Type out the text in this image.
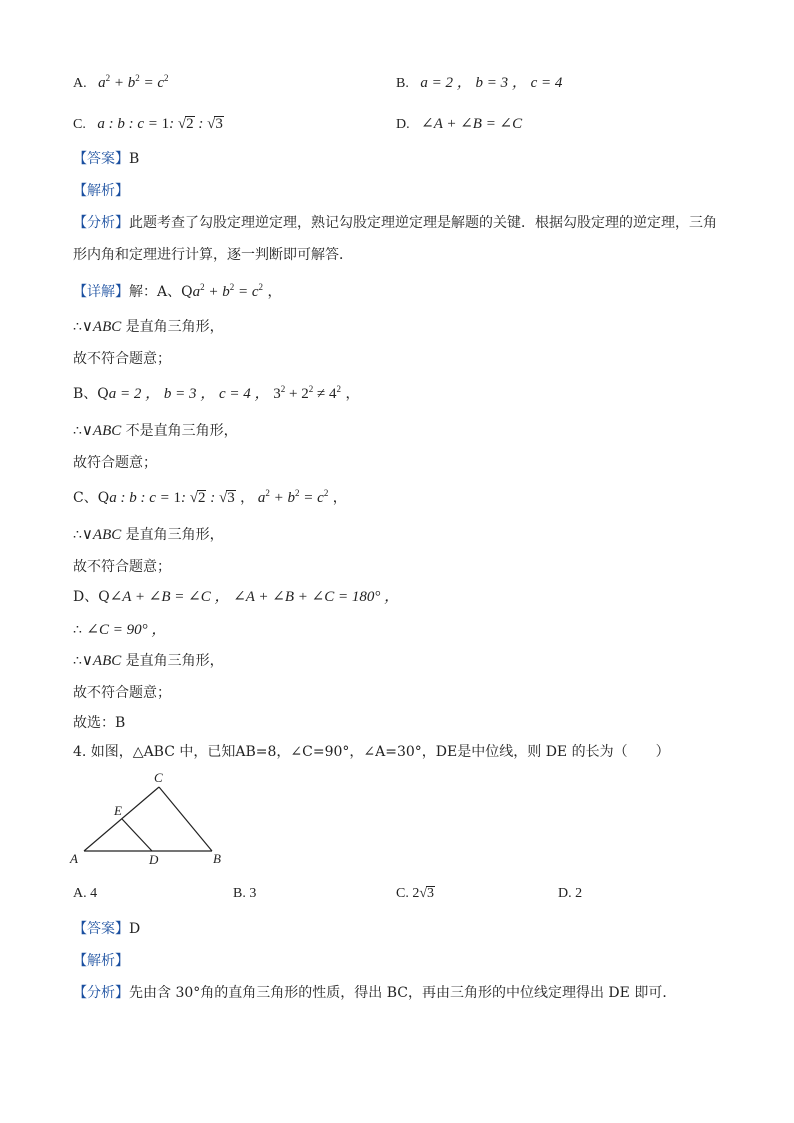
A. $a^2 + b^2 = c^2$	B. a = 2 ， b = 3 ， c = 4
C. a : b : c = 1: √2 : √3	D. ∠A + ∠B = ∠C
【答案】B
【解析】
【分析】此题考查了勾股定理逆定理，熟记勾股定理逆定理是解题的关键．根据勾股定理的逆定理，三角
形内角和定理进行计算，逐一判断即可解答．
【详解】解：A、$Qa^2 + b^2 = c^2$ ，
∴∨ABC 是直角三角形，
故不符合题意；
B、Qa = 2 ， b = 3 ， c = 4 ， $3^2 + 2^2 \ne 4^2$ ，
∴∨ABC 不是直角三角形，
故符合题意；
C、Qa : b : c = 1: √2 : √3 ， $a^2 + b^2 = c^2$ ，
∴∨ABC 是直角三角形，
故不符合题意；
D、Q∠A + ∠B = ∠C ， ∠A + ∠B + ∠C = 180° ，
∴ ∠C = 90° ，
∴∨ABC 是直角三角形，
故不符合题意；
故选：B
4. 如图，△ABC 中，已知AB=8，∠C=90°，∠A=30°，DE是中位线，则 DE 的长为（　　）
A	B
C
D
E
A. 4	B. 3	C. 2√3	D. 2
【答案】D
【解析】
【分析】先由含 30°角的直角三角形的性质，得出 BC，再由三角形的中位线定理得出 DE 即可．
